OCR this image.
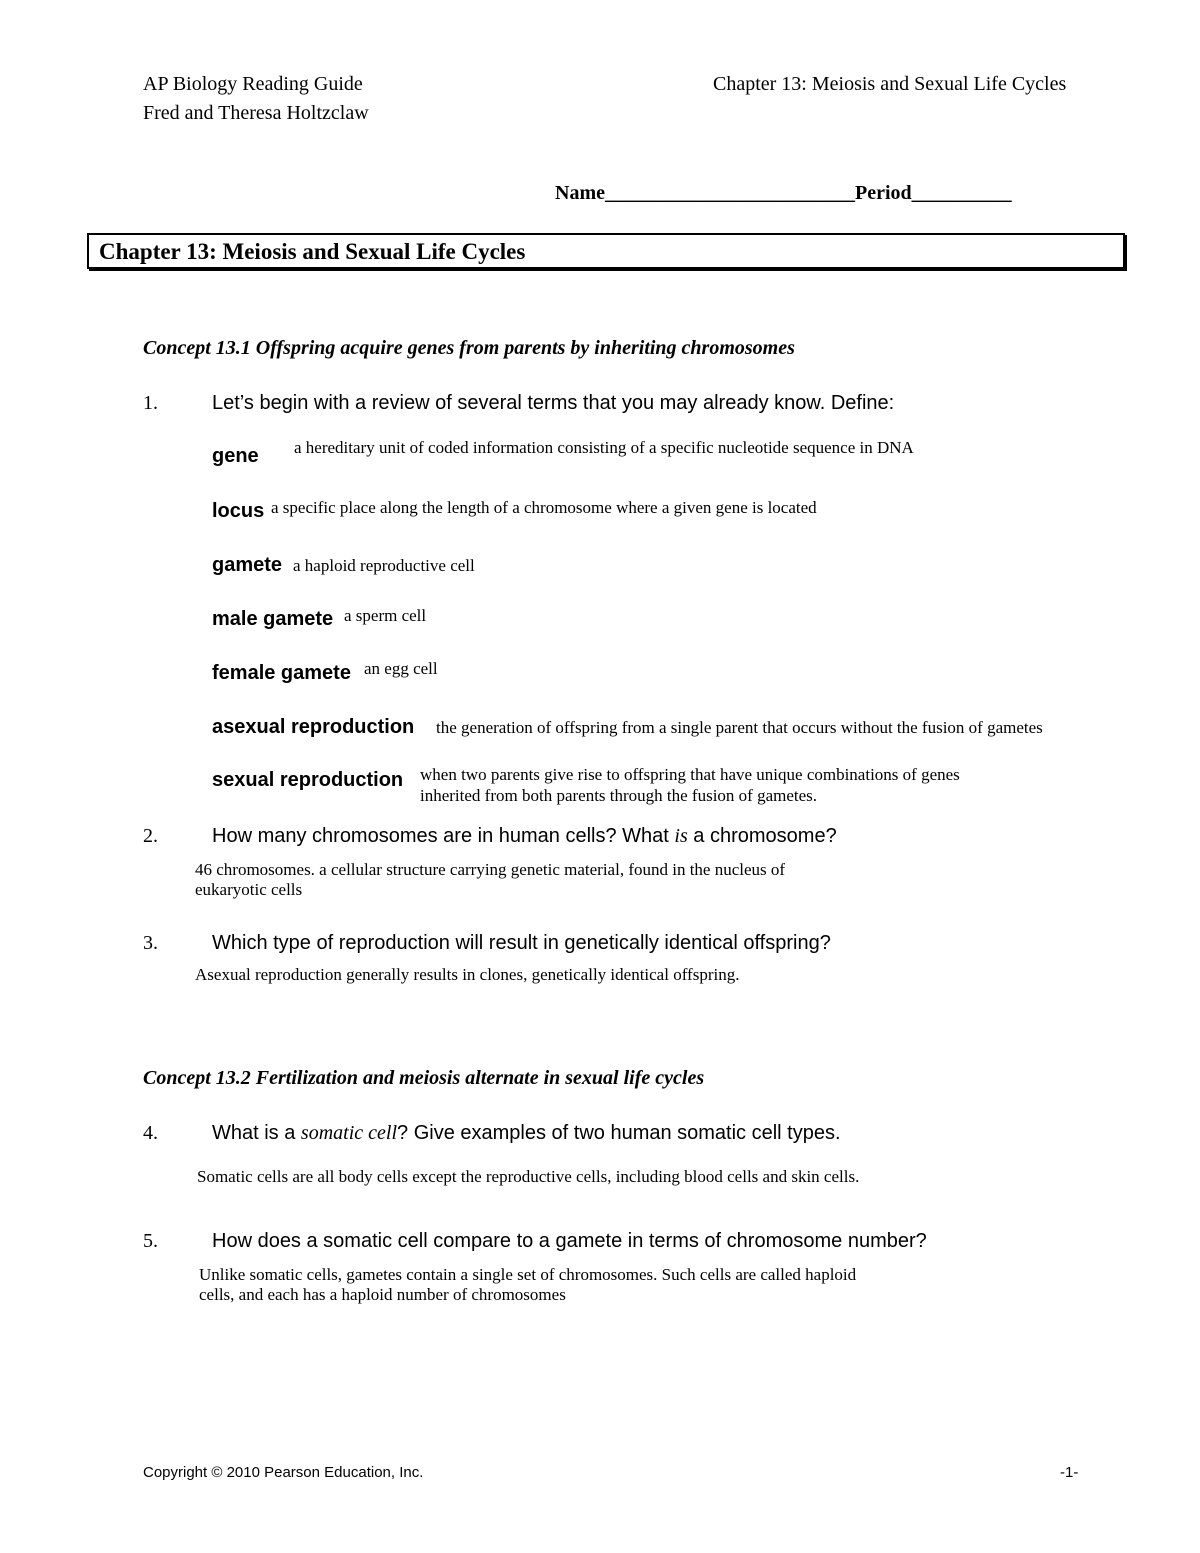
AP Biology Reading Guide
Fred and Theresa Holtzclaw
Chapter 13: Meiosis and Sexual Life Cycles
Name_________________________Period__________
Chapter 13: Meiosis and Sexual Life Cycles
Concept 13.1 Offspring acquire genes from parents by inheriting chromosomes
1.	Let’s begin with a review of several terms that you may already know. Define:
gene a hereditary unit of coded information consisting of a specific nucleotide sequence in DNA
locus a specific place along the length of a chromosome where a given gene is located
gamete a haploid reproductive cell
male gamete a sperm cell
female gamete an egg cell
asexual reproduction the generation of offspring from a single parent that occurs without the fusion of gametes
sexual reproduction when two parents give rise to offspring that have unique combinations of genes
inherited from both parents through the fusion of gametes.
2.	How many chromosomes are in human cells? What is a chromosome?
46 chromosomes. a cellular structure carrying genetic material, found in the nucleus of
eukaryotic cells
3.	Which type of reproduction will result in genetically identical offspring?
Asexual reproduction generally results in clones, genetically identical offspring.
Concept 13.2 Fertilization and meiosis alternate in sexual life cycles
4.	What is a somatic cell? Give examples of two human somatic cell types.
Somatic cells are all body cells except the reproductive cells, including blood cells and skin cells.
5.	How does a somatic cell compare to a gamete in terms of chromosome number?
Unlike somatic cells, gametes contain a single set of chromosomes. Such cells are called haploid
cells, and each has a haploid number of chromosomes
Copyright © 2010 Pearson Education, Inc.	-1-
